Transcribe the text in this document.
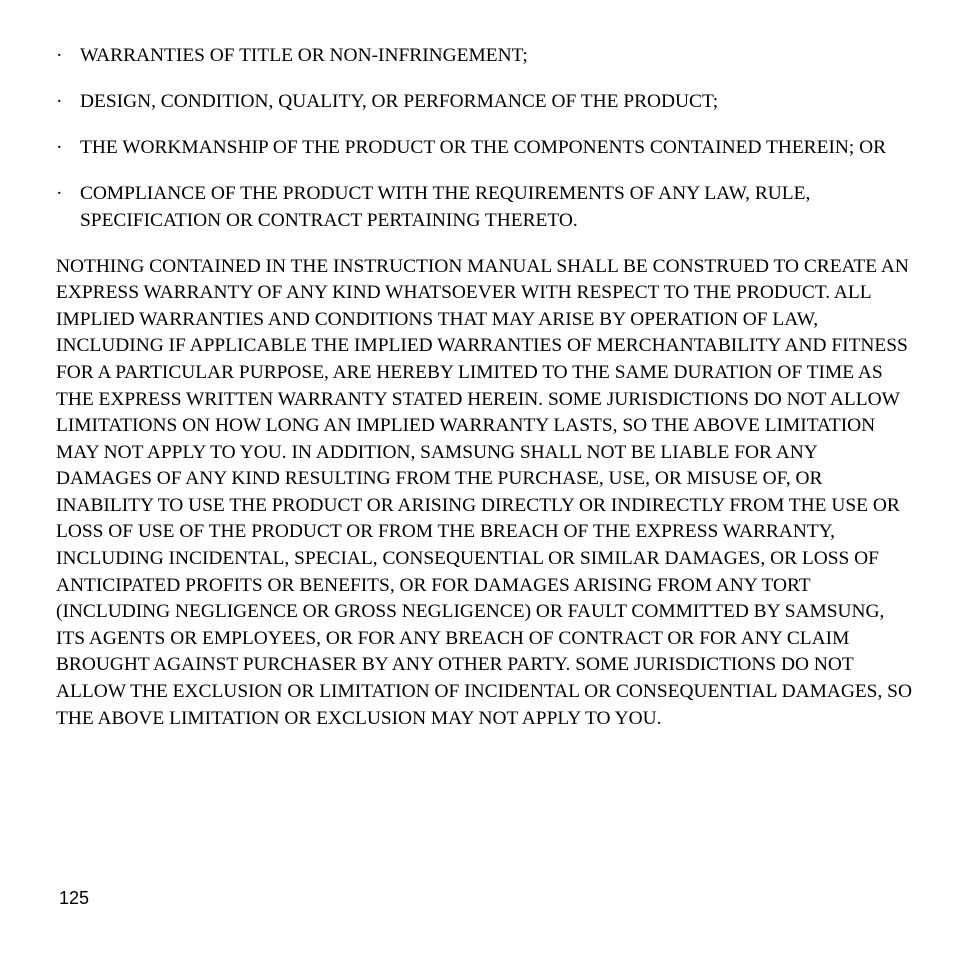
· WARRANTIES OF TITLE OR NON-INFRINGEMENT;
· DESIGN, CONDITION, QUALITY, OR PERFORMANCE OF THE PRODUCT;
· THE WORKMANSHIP OF THE PRODUCT OR THE COMPONENTS CONTAINED THEREIN; OR
· COMPLIANCE OF THE PRODUCT WITH THE REQUIREMENTS OF ANY LAW, RULE, SPECIFICATION OR CONTRACT PERTAINING THERETO.

NOTHING CONTAINED IN THE INSTRUCTION MANUAL SHALL BE CONSTRUED TO CREATE AN EXPRESS WARRANTY OF ANY KIND WHATSOEVER WITH RESPECT TO THE PRODUCT. ALL IMPLIED WARRANTIES AND CONDITIONS THAT MAY ARISE BY OPERATION OF LAW, INCLUDING IF APPLICABLE THE IMPLIED WARRANTIES OF MERCHANTABILITY AND FITNESS FOR A PARTICULAR PURPOSE, ARE HEREBY LIMITED TO THE SAME DURATION OF TIME AS THE EXPRESS WRITTEN WARRANTY STATED HEREIN. SOME JURISDICTIONS DO NOT ALLOW LIMITATIONS ON HOW LONG AN IMPLIED WARRANTY LASTS, SO THE ABOVE LIMITATION MAY NOT APPLY TO YOU. IN ADDITION, SAMSUNG SHALL NOT BE LIABLE FOR ANY DAMAGES OF ANY KIND RESULTING FROM THE PURCHASE, USE, OR MISUSE OF, OR INABILITY TO USE THE PRODUCT OR ARISING DIRECTLY OR INDIRECTLY FROM THE USE OR LOSS OF USE OF THE PRODUCT OR FROM THE BREACH OF THE EXPRESS WARRANTY, INCLUDING INCIDENTAL, SPECIAL, CONSEQUENTIAL OR SIMILAR DAMAGES, OR LOSS OF ANTICIPATED PROFITS OR BENEFITS, OR FOR DAMAGES ARISING FROM ANY TORT (INCLUDING NEGLIGENCE OR GROSS NEGLIGENCE) OR FAULT COMMITTED BY SAMSUNG, ITS AGENTS OR EMPLOYEES, OR FOR ANY BREACH OF CONTRACT OR FOR ANY CLAIM BROUGHT AGAINST PURCHASER BY ANY OTHER PARTY. SOME JURISDICTIONS DO NOT ALLOW THE EXCLUSION OR LIMITATION OF INCIDENTAL OR CONSEQUENTIAL DAMAGES, SO THE ABOVE LIMITATION OR EXCLUSION MAY NOT APPLY TO YOU.

125
